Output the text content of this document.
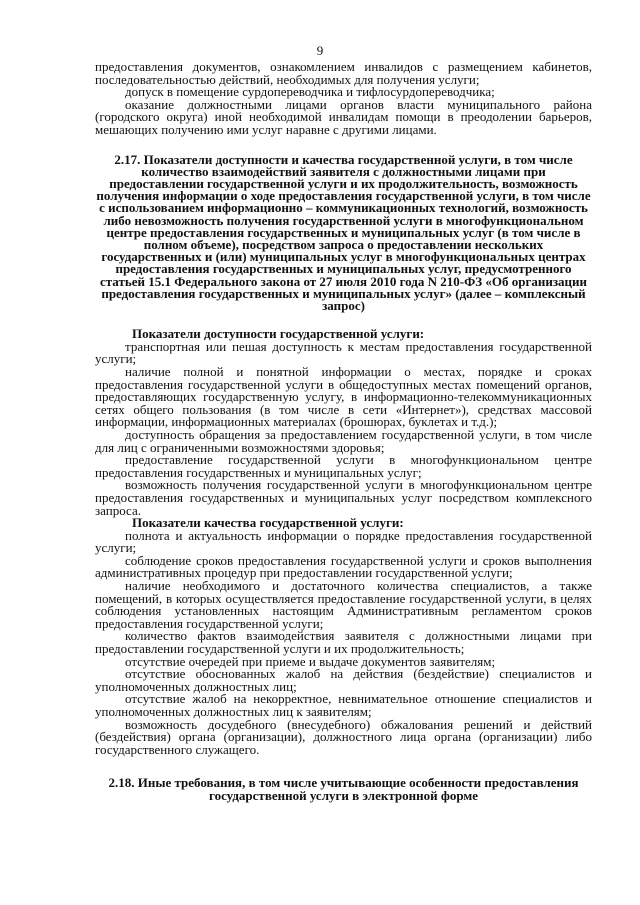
9

предоставления документов, ознакомлением инвалидов с размещением кабинетов, последовательностью действий, необходимых для получения услуги;

допуск в помещение сурдопереводчика и тифлосурдопереводчика;

оказание должностными лицами органов власти муниципального района (городского округа) иной необходимой инвалидам помощи в преодолении барьеров, мешающих получению ими услуг наравне с другими лицами.

2.17. Показатели доступности и качества государственной услуги, в том числе количество взаимодействий заявителя с должностными лицами при предоставлении государственной услуги и их продолжительность, возможность получения информации о ходе предоставления государственной услуги, в том числе с использованием информационно – коммуникационных технологий, возможность либо невозможность получения государственной услуги в многофункциональном центре предоставления государственных и муниципальных услуг (в том числе в полном объеме), посредством запроса о предоставлении нескольких государственных и (или) муниципальных услуг в многофункциональных центрах предоставления государственных и муниципальных услуг, предусмотренного статьей 15.1 Федерального закона от 27 июля 2010 года N 210-ФЗ «Об организации предоставления государственных и муниципальных услуг» (далее – комплексный запрос)

Показатели доступности государственной услуги:

транспортная или пешая доступность к местам предоставления государственной услуги;

наличие полной и понятной информации о местах, порядке и сроках предоставления государственной услуги в общедоступных местах помещений органов, предоставляющих государственную услугу, в информационно-телекоммуникационных сетях общего пользования (в том числе в сети «Интернет»), средствах массовой информации, информационных материалах (брошюрах, буклетах и т.д.);

доступность обращения за предоставлением государственной услуги, в том числе для лиц с ограниченными возможностями здоровья;

предоставление государственной услуги в многофункциональном центре предоставления государственных и муниципальных услуг;

возможность получения государственной услуги в многофункциональном центре предоставления государственных и муниципальных услуг посредством комплексного запроса.

Показатели качества государственной услуги:

полнота и актуальность информации о порядке предоставления государственной услуги;

соблюдение сроков предоставления государственной услуги и сроков выполнения административных процедур при предоставлении государственной услуги;

наличие необходимого и достаточного количества специалистов, а также помещений, в которых осуществляется предоставление государственной услуги, в целях соблюдения установленных настоящим Административным регламентом сроков предоставления государственной услуги;

количество фактов взаимодействия заявителя с должностными лицами при предоставлении государственной услуги и их продолжительность;

отсутствие очередей при приеме и выдаче документов заявителям;

отсутствие обоснованных жалоб на действия (бездействие) специалистов и уполномоченных должностных лиц;

отсутствие жалоб на некорректное, невнимательное отношение специалистов и уполномоченных должностных лиц к заявителям;

возможность досудебного (внесудебного) обжалования решений и действий (бездействия) органа (организации), должностного лица органа (организации) либо государственного служащего.

2.18. Иные требования, в том числе учитывающие особенности предоставления государственной услуги в электронной форме
